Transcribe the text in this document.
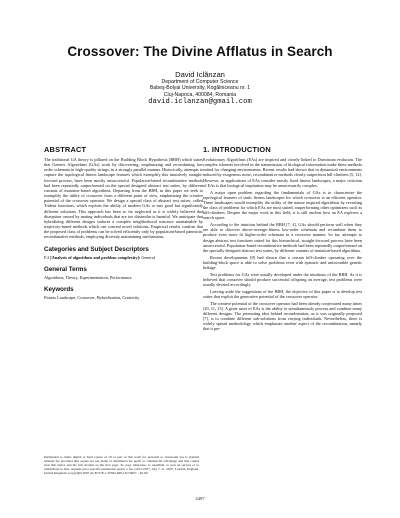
Crossover: The Divine Afflatus in Search
David Iclănzan
Department of Computer Science
Babeş-Bolyai University, Kogălniceanu nr. 1
Cluj-Napoca, 400084, Romania
david.iclanzan@gmail.com
ABSTRACT

The traditional GA theory is pillared on the Building Block Hypothesis (BBH) which states that Genetic Algorithms (GAs) work by discovering, emphasizing and recombining low order schemata in high-quality strings, in a strongly parallel manner. Historically, attempts to capture the topological fitness landscape features which exemplify this intuitively straight-forward process, have been mostly unsuccessful. Population-based recombinative methods had been repeatedly outperformed on the special designed abstract test suites, by different variants of mutation-based algorithms. Departing from the BBH, in this paper we seek to exemplify the utility of crossover from a different point of view, emphasizing the creative potential of the crossover operator. We design a special class of abstract test suites, called Trident functions, which exploits the ability of modern GAs to mix good but significantly different solutions. This approach has been so far neglected as it is widely believed that disruption caused by mating individuals that are too dissimilar is harmful. We anticipate that hybridizing different designs induces a complex neighborhood structure unattainable by trajectory-based methods which can conceal novel solutions. Empirical results confirm that the proposed class of problems can be solved efficiently only by population-based panmictic recombinative methods, employing diversity maintaining mechanisms.

Categories and Subject Descriptors

F.2 [Analysis of algorithms and problem complexity]: General

General Terms

Algorithms, Theory, Experimentation, Performance

Keywords

Fitness Landscape, Crossover, Hybridization, Creativity

Permission to make digital or hard copies of all or part of this work for personal or classroom use is granted without fee provided that copies are not made or distributed for profit or commercial advantage and that copies bear this notice and the full citation on the first page. To copy otherwise, to republish, to post on servers or to redistribute to lists, requires prior specific permission and/or a fee. GECCO'07, July 7–11, 2007, London, England, United Kingdom. Copyright 2007 ACM 978-1-59593-698-1/07/0007 ...$5.00.
1. INTRODUCTION

Evolutionary Algorithms (EAs) are inspired and closely linked to Darwinian evolution. The complex schemes involved in the transmission of biological information make these methods suited for changing environments. Recent results had shown that in dynamical environments induced by exogenous noise, recombinative methods clearly outperform hill-climbers [5, 12]. However, as applications of EAs consider mostly fixed fitness landscapes, a major criticism of EAs is that biological inspiration may be unnecessarily complex.

A major open problem regarding the fundamentals of GAs is to characterize the topological features of static fitness landscapes for which crossover is an efficient operator. These landscapes would exemplify the utility of the nature inspired algorithms by revealing the class of problems for which EAs are most suited, outperforming other optimizers such as hill-climbers. Despite the major work in this field, it is still unclear how an EA explores a search space.

According to the intuition behind the BBH [7, 4], GAs should perform well when they are able to discover above-average-fitness low-order schemata and recombine them to produce even more fit higher-order schemata in a recursive manner. So far, attempts to design abstract test functions suited for this hierarchical, straight-forward process have been unsuccessful. Population-based recombinative methods had been repeatedly outperformed on the specially designed abstract test suites, by different variants of mutation-based algorithms.

Recent developments [8] had shown that a certain hill-climber operating over the building-block space is able to solve problems even with epistatic and unfavorable genetic linkage.

Test problems for GAs were usually developed under the intuitions of the BBH. As it is believed that crossover should produce successful offspring on average, test problems were usually devised accordingly.

Leaving aside the suggestions of the BBH, the objective of this paper is to develop test suites that exploit the generative potential of the crossover operator.

The creative potential of the crossover operator had been already conjectured many times [20, 11, 13]. A great asset of EAs is the ability to simultaneously process and combine many different designs. The promoting idea behind recombination, as it was originally proposed [7], is to combine different sub-solutions from varying individuals. Nevertheless, there is widely spread methodology which emphasize another aspect of the recombination, namely that it pre-

2497
